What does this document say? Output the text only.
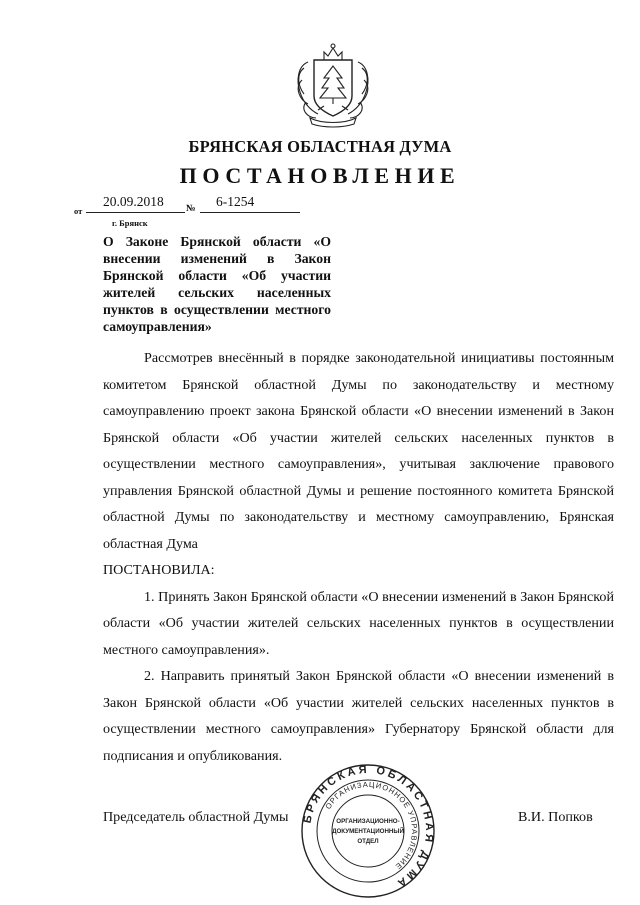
БРЯНСКАЯ ОБЛАСТНАЯ ДУМА
ПОСТАНОВЛЕНИЕ
от
20.09.2018 № 6-1254
г. Брянск
О Законе Брянской области «О внесении изменений в Закон Брянской области «Об участии жителей сельских населенных пунктов в осуществлении местного самоуправления»

Рассмотрев внесённый в порядке законодательной инициативы постоянным комитетом Брянской областной Думы по законодательству и местному самоуправлению проект закона Брянской области «О внесении изменений в Закон Брянской области «Об участии жителей сельских населенных пунктов в осуществлении местного самоуправления», учитывая заключение правового управления Брянской областной Думы и решение постоянного комитета Брянской областной Думы по законодательству и местному самоуправлению, Брянская областная Дума

ПОСТАНОВИЛА:

1. Принять Закон Брянской области «О внесении изменений в Закон Брянской области «Об участии жителей сельских населенных пунктов в осуществлении местного самоуправления».

2. Направить принятый Закон Брянской области «О внесении изменений в Закон Брянской области «Об участии жителей сельских населенных пунктов в осуществлении местного самоуправления» Губернатору Брянской области для подписания и опубликования.

Председатель областной Думы	В.И. Попков
БРЯНСКАЯ ОБЛАСТНАЯ ДУМА
ОРГАНИЗАЦИОННОЕ УПРАВЛЕНИЕ
ОРГАНИЗАЦИОННО-
ДОКУМЕНТАЦИОННЫЙ
ОТДЕЛ
